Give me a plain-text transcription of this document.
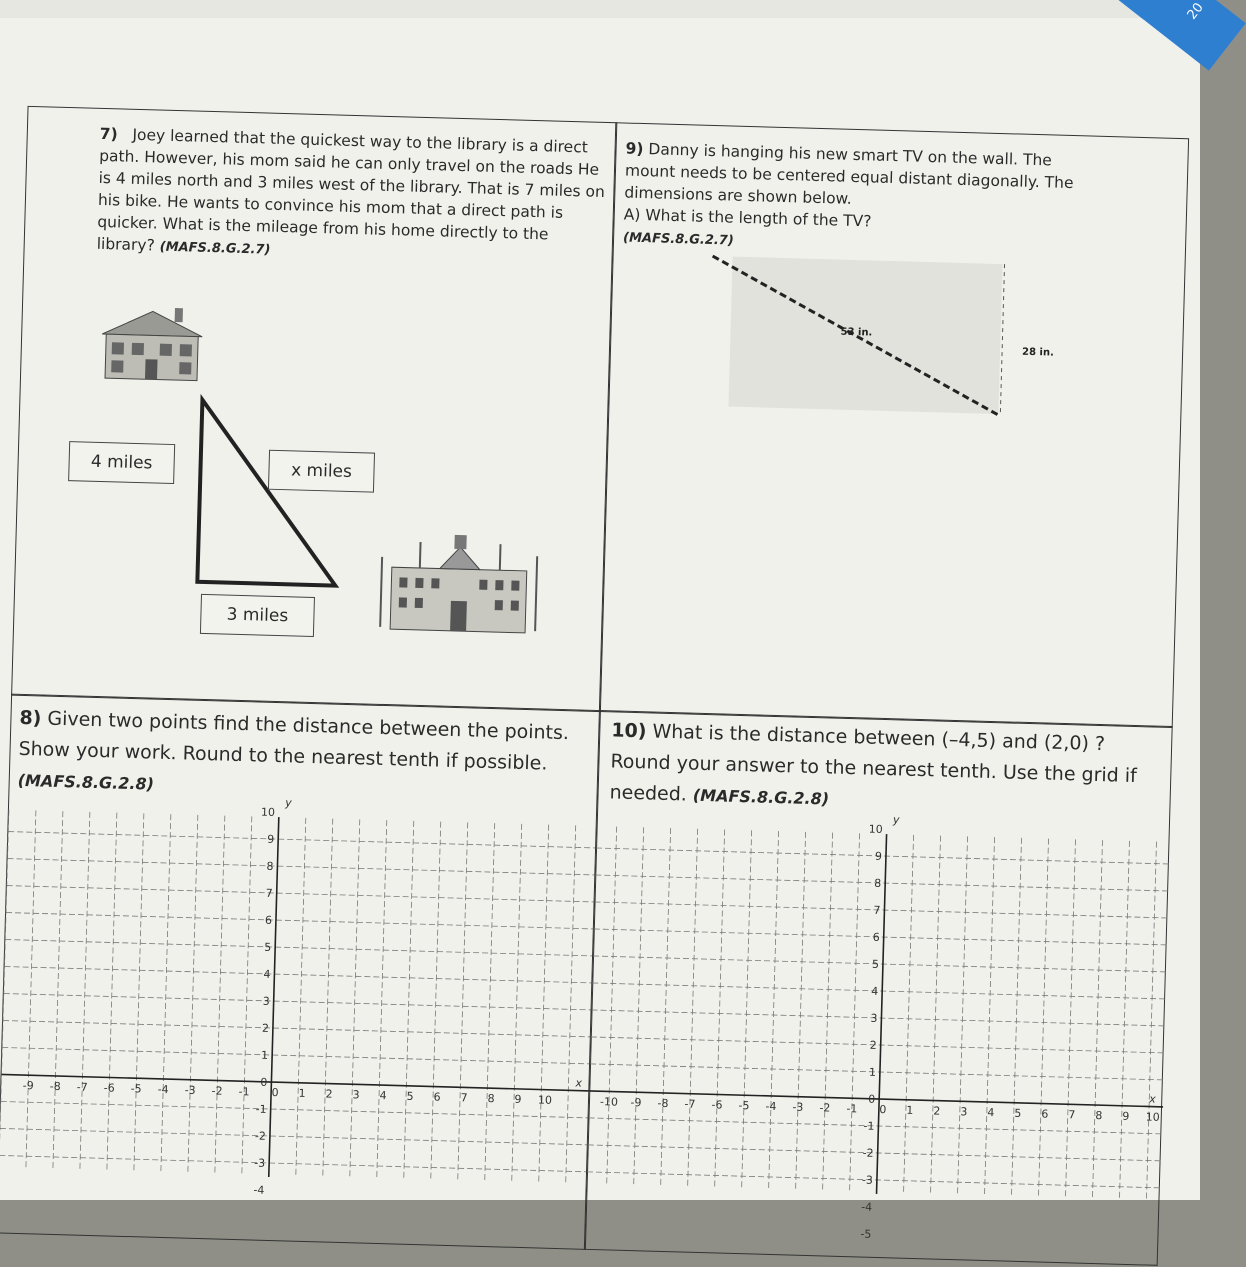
20
7) Joey learned that the quickest way to the library is a direct path. However, his mom said he can only travel on the roads He is 4 miles north and 3 miles west of the library. That is 7 miles on his bike. He wants to convince his mom that a direct path is quicker. What is the mileage from his home directly to the library? (MAFS.8.G.2.7)
4 miles	x miles
3 miles
9) Danny is hanging his new smart TV on the wall. The mount needs to be centered equal distant diagonally. The dimensions are shown below.
A) What is the length of the TV?
(MAFS.8.G.2.7)
53 in.
28 in.
8) Given two points find the distance between the points. Show your work. Round to the nearest tenth if possible. (MAFS.8.G.2.8)
10
9
8
7
6
5
4
3
2
1
0
-1
-2
-3
-4
0 1 2 3 4 5 6 7 8 9 10
-9 -8 -7 -6 -5 -4 -3 -2 -1
x
y
10) What is the distance between (–4,5) and (2,0) ? Round your answer to the nearest tenth. Use the grid if needed. (MAFS.8.G.2.8)
10
9
8
7
6
5
4
3
2
1
0
-1
-2
-3
-4
-5
0 1 2 3 4 5 6 7 8 9 10
-10 -9 -8 -7 -6 -5 -4 -3 -2 -1
x
y
